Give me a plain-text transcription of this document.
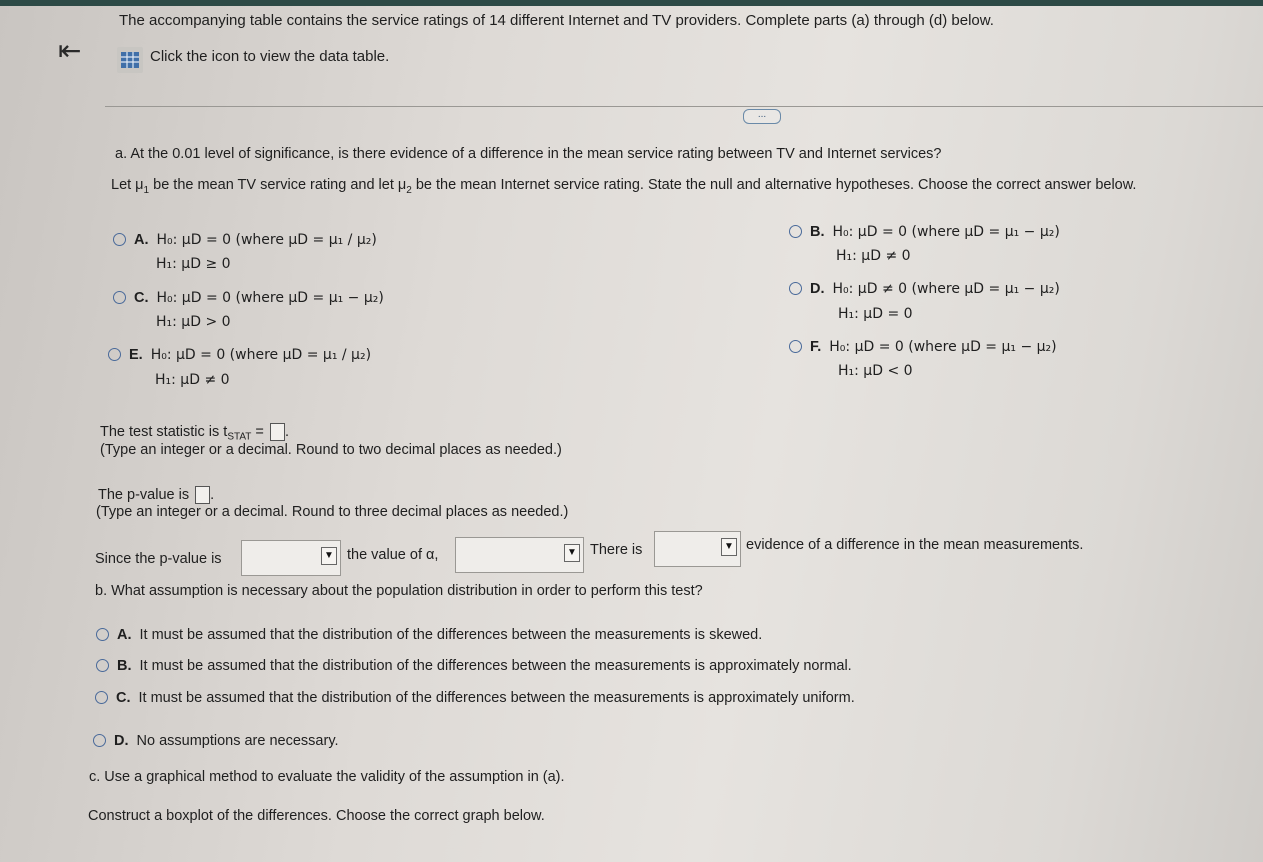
⇤
The accompanying table contains the service ratings of 14 different Internet and TV providers. Complete parts (a) through (d) below.
Click the icon to view the data table.
...
a. At the 0.01 level of significance, is there evidence of a difference in the mean service rating between TV and Internet services?
Let $\mu_1$ be the mean TV service rating and let $\mu_2$ be the mean Internet service rating. State the null and alternative hypotheses. Choose the correct answer below.
A. H₀: μD = 0 (where μD = μ₁ / μ₂)
H₁: μD ≥ 0
C. H₀: μD = 0 (where μD = μ₁ − μ₂)
H₁: μD > 0
E. H₀: μD = 0 (where μD = μ₁ / μ₂)
H₁: μD ≠ 0
B. H₀: μD = 0 (where μD = μ₁ − μ₂)
H₁: μD ≠ 0
D. H₀: μD ≠ 0 (where μD = μ₁ − μ₂)
H₁: μD = 0
F. H₀: μD = 0 (where μD = μ₁ − μ₂)
H₁: μD < 0
The test statistic is $t_{STAT}$ = .
(Type an integer or a decimal. Round to two decimal places as needed.)
The p-value is .
(Type an integer or a decimal. Round to three decimal places as needed.)
Since the p-value is	▼ the value of α,	▼ There is	▼ evidence of a difference in the mean measurements.
b. What assumption is necessary about the population distribution in order to perform this test?
A. It must be assumed that the distribution of the differences between the measurements is skewed.
B. It must be assumed that the distribution of the differences between the measurements is approximately normal.
C. It must be assumed that the distribution of the differences between the measurements is approximately uniform.
D. No assumptions are necessary.
c. Use a graphical method to evaluate the validity of the assumption in (a).
Construct a boxplot of the differences. Choose the correct graph below.
